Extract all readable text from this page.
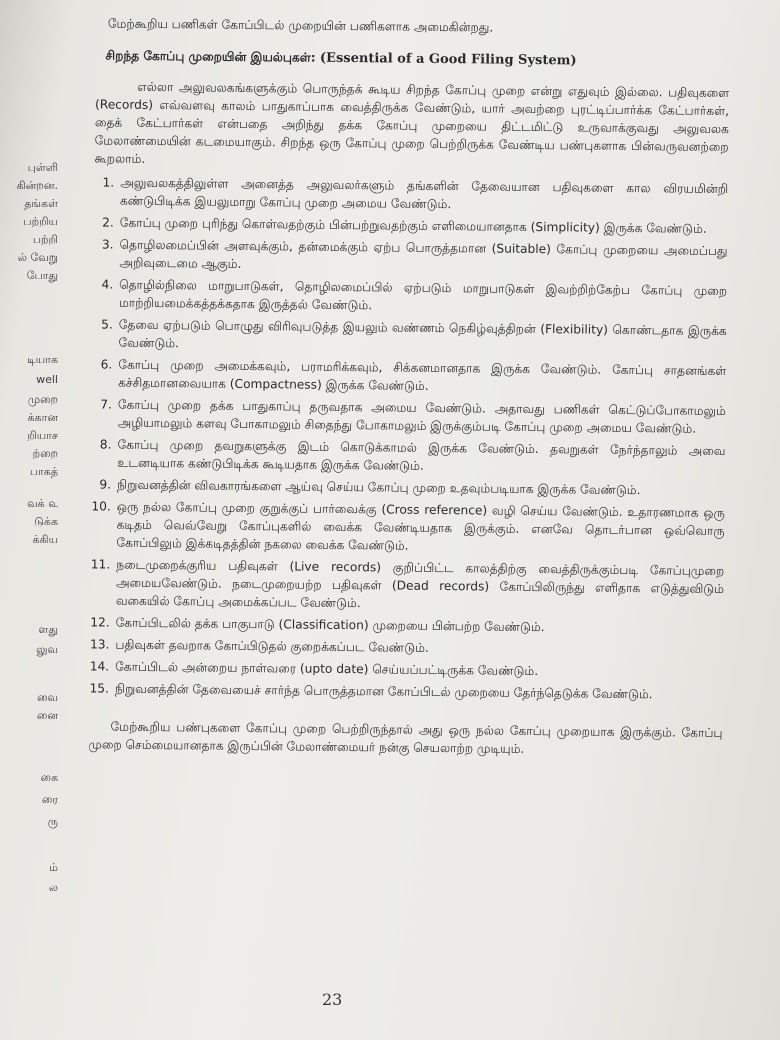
புள்ளி
கின்றன.
தங்கள்
பற்றிய
பற்றி
ல் வேறு
போது
டியாக
well
முறை
க்கான
றியாச
ற்றை
பாகத்
வக் ௳
டுக்க
க்கிய
ளது
லுவ
வை
னை
கை
ரை
ரு
ம்
ல

மேற்கூறிய பணிகள் கோப்பிடல் முறையின் பணிகளாக அமைகின்றது.

சிறந்த கோப்பு முறையின் இயல்புகள்: (Essential of a Good Filing System)

எல்லா அலுவலகங்களுக்கும் பொருந்தக் கூடிய சிறந்த கோப்பு முறை என்று எதுவும் இல்லை. பதிவுகளை (Records) எவ்வளவு காலம் பாதுகாப்பாக வைத்திருக்க வேண்டும், யார் அவற்றை புரட்டிப்பார்க்க கேட்பார்கள், தைக் கேட்பார்கள் என்பதை அறிந்து தக்க கோப்பு முறையை திட்டமிட்டு உருவாக்குவது அலுவலக மேலாண்மையின் கடமையாகும். சிறந்த ஒரு கோப்பு முறை பெற்றிருக்க வேண்டிய பண்புகளாக பின்வருவனற்றை கூறலாம்.

1. அலுவலகத்திலுள்ள அனைத்த அலுவலர்களும் தங்களின் தேவையான பதிவுகளை கால விரயமின்றி கண்டுபிடிக்க இயலுமாறு கோப்பு முறை அமைய வேண்டும்.
2. கோப்பு முறை புரிந்து கொள்வதற்கும் பின்பற்றுவதற்கும் எளிமையானதாக (Simplicity) இருக்க வேண்டும்.
3. தொழிலமைப்பின் அளவுக்கும், தன்மைக்கும் ஏற்ப பொருத்தமான (Suitable) கோப்பு முறையை அமைப்பது அறிவுடைமை ஆகும்.
4. தொழில்நிலை மாறுபாடுகள், தொழிலமைப்பில் ஏற்படும் மாறுபாடுகள் இவற்றிற்கேற்ப கோப்பு முறை மாற்றியமைக்கத்தக்கதாக இருத்தல் வேண்டும்.
5. தேவை ஏற்படும் பொழுது விரிவுபடுத்த இயலும் வண்ணம் நெகிழ்வுத்திறன் (Flexibility) கொண்டதாக இருக்க வேண்டும்.
6. கோப்பு முறை அமைக்கவும், பராமரிக்கவும், சிக்கனமானதாக இருக்க வேண்டும். கோப்பு சாதனங்கள் கச்சிதமானவையாக (Compactness) இருக்க வேண்டும்.
7. கோப்பு முறை தக்க பாதுகாப்பு தருவதாக அமைய வேண்டும். அதாவது பணிகள் கெட்டுப்போகாமலும் அழியாமலும் களவு போகாமலும் சிதைந்து போகாமலும் இருக்கும்படி கோப்பு முறை அமைய வேண்டும்.
8. கோப்பு முறை தவறுகளுக்கு இடம் கொடுக்காமல் இருக்க வேண்டும். தவறுகள் நேர்ந்தாலும் அவை உடனடியாக கண்டுபிடிக்க கூடியதாக இருக்க வேண்டும்.
9. நிறுவனத்தின் விவகாரங்களை ஆய்வு செய்ய கோப்பு முறை உதவும்படியாக இருக்க வேண்டும்.
10. ஒரு நல்ல கோப்பு முறை குறுக்குப் பார்வைக்கு (Cross reference) வழி செய்ய வேண்டும். உதாரணமாக ஒரு கடிதம் வெவ்வேறு கோப்புகளில் வைக்க வேண்டியதாக இருக்கும். எனவே தொடர்பான ஒவ்வொரு கோப்பிலும் இக்கடிதத்தின் நகலை வைக்க வேண்டும்.
11. நடைமுறைக்குரிய பதிவுகள் (Live records) குறிப்பிட்ட காலத்திற்கு வைத்திருக்கும்படி கோப்புமுறை அமையவேண்டும். நடைமுறையற்ற பதிவுகள் (Dead records) கோப்பிலிருந்து எளிதாக எடுத்துவிடும் வகையில் கோப்பு அமைக்கப்பட வேண்டும்.
12. கோப்பிடலில் தக்க பாகுபாடு (Classification) முறையை பின்பற்ற வேண்டும்.
13. பதிவுகள் தவறாக கோப்பிடுதல் குறைக்கப்பட வேண்டும்.
14. கோப்பிடல் அன்றைய நாள்வரை (upto date) செய்யப்பட்டிருக்க வேண்டும்.
15. நிறுவனத்தின் தேவையைச் சார்ந்த பொருத்தமான கோப்பிடல் முறையை தேர்ந்தெடுக்க வேண்டும்.

மேற்கூறிய பண்புகளை கோப்பு முறை பெற்றிருந்தால் அது ஒரு நல்ல கோப்பு முறையாக இருக்கும். கோப்பு முறை செம்மையானதாக இருப்பின் மேலாண்மையர் நன்கு செயலாற்ற முடியும்.

23
